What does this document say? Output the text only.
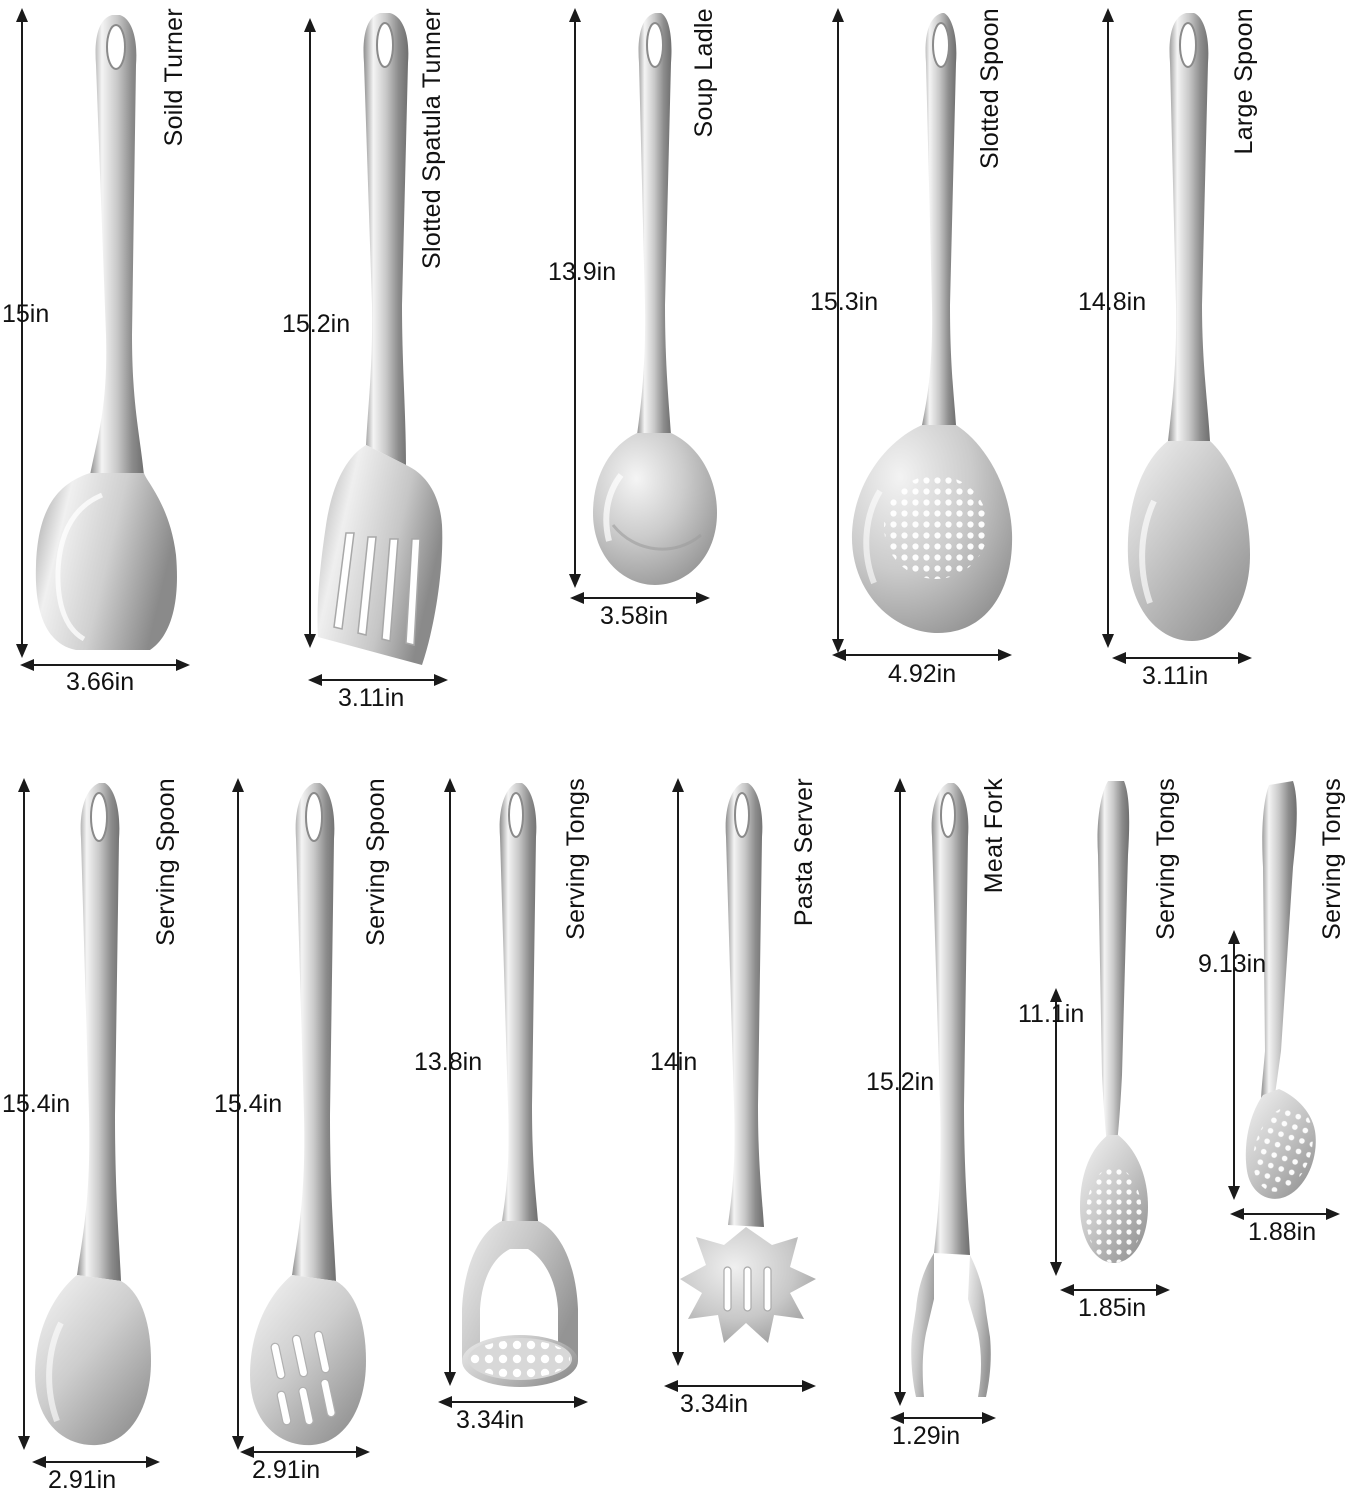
Soild Turner
15in
3.66in
Slotted Spatula Tunner
15.2in
3.11in
Soup Ladle
13.9in
3.58in
Slotted Spoon
15.3in
4.92in
Large Spoon
14.8in
3.11in
Serving Spoon
15.4in
2.91in
Serving Spoon
15.4in
2.91in
Serving Tongs
13.8in
3.34in
Pasta Server
14in
3.34in
Meat Fork
15.2in
1.29in
Serving Tongs
11.1in
1.85in
Serving Tongs
9.13in
1.88in
